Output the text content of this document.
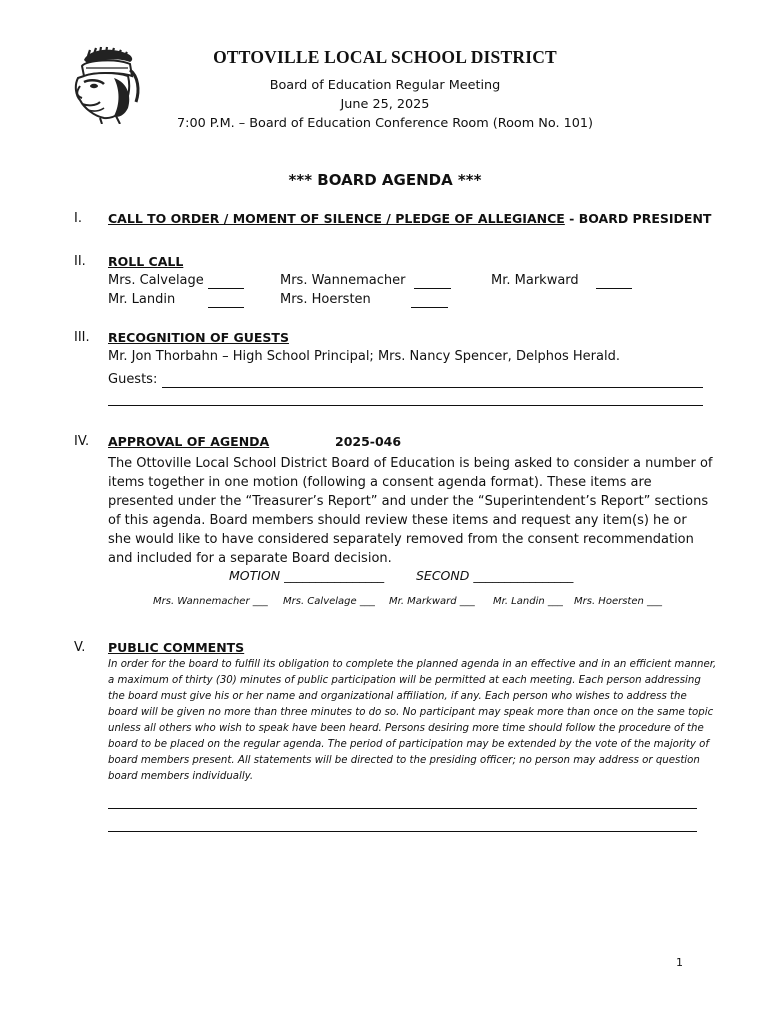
OTTOVILLE LOCAL SCHOOL DISTRICT
Board of Education Regular Meeting
June 25, 2025
7:00 P.M. – Board of Education Conference Room (Room No. 101)
*** BOARD AGENDA ***
I. CALL TO ORDER / MOMENT OF SILENCE / PLEDGE OF ALLEGIANCE - BOARD PRESIDENT
II. ROLL CALL
Mrs. Calvelage	Mrs. Wannemacher	Mr. Markward
Mr. Landin	Mrs. Hoersten
III. RECOGNITION OF GUESTS
Mr. Jon Thorbahn – High School Principal; Mrs. Nancy Spencer, Delphos Herald.
Guests:
IV. APPROVAL OF AGENDA	2025-046
The Ottoville Local School District Board of Education is being asked to consider a number of items together in one motion (following a consent agenda format). These items are presented under the “Treasurer’s Report” and under the “Superintendent’s Report” sections of this agenda. Board members should review these items and request any item(s) he or she would like to have considered separately removed from the consent recommendation and included for a separate Board decision.
MOTION ________________	SECOND ________________
Mrs. Wannemacher ___ Mrs. Calvelage ___ Mr. Markward ___ Mr. Landin ___ Mrs. Hoersten ___
V. PUBLIC COMMENTS
In order for the board to fulfill its obligation to complete the planned agenda in an effective and in an efficient manner, a maximum of thirty (30) minutes of public participation will be permitted at each meeting. Each person addressing the board must give his or her name and organizational affiliation, if any. Each person who wishes to address the board will be given no more than three minutes to do so. No participant may speak more than once on the same topic unless all others who wish to speak have been heard. Persons desiring more time should follow the procedure of the board to be placed on the regular agenda. The period of participation may be extended by the vote of the majority of board members present. All statements will be directed to the presiding officer; no person may address or question board members individually.
1
